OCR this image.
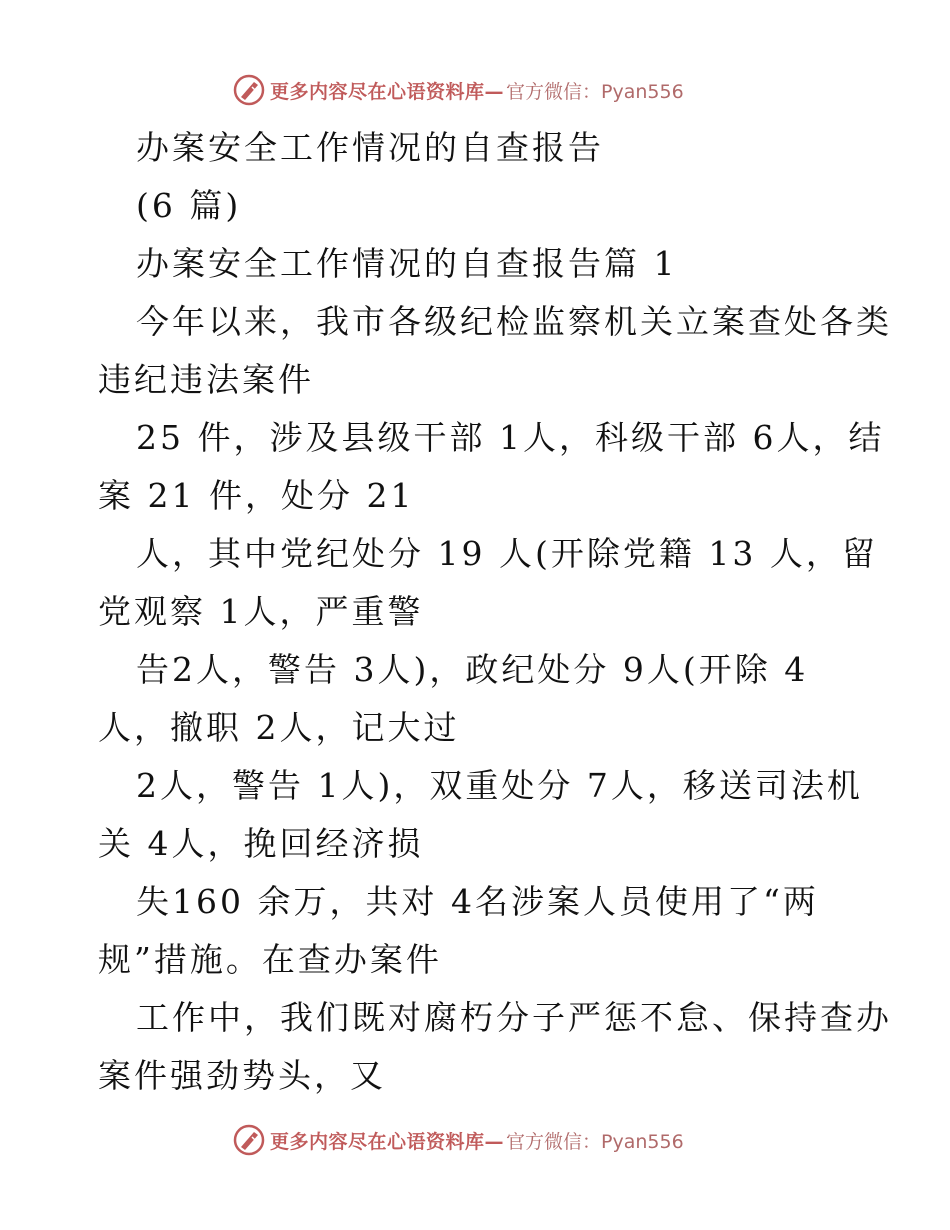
更多内容尽在心语资料库— 官方微信：Pyan556
办案安全工作情况的自查报告
(6 篇)
办案安全工作情况的自查报告篇 1
今年以来，我市各级纪检监察机关立案查处各类
违纪违法案件
25 件，涉及县级干部 1人，科级干部 6人，结
案 21 件，处分 21
人，其中党纪处分 19 人(开除党籍 13 人，留
党观察 1人，严重警
告2人，警告 3人)，政纪处分 9人(开除 4
人，撤职 2人，记大过
2人，警告 1人)，双重处分 7人，移送司法机
关 4人，挽回经济损
失160 余万，共对 4名涉案人员使用了“两
规”措施。在查办案件
工作中，我们既对腐朽分子严惩不怠、保持查办
案件强劲势头，又
更多内容尽在心语资料库— 官方微信：Pyan556
